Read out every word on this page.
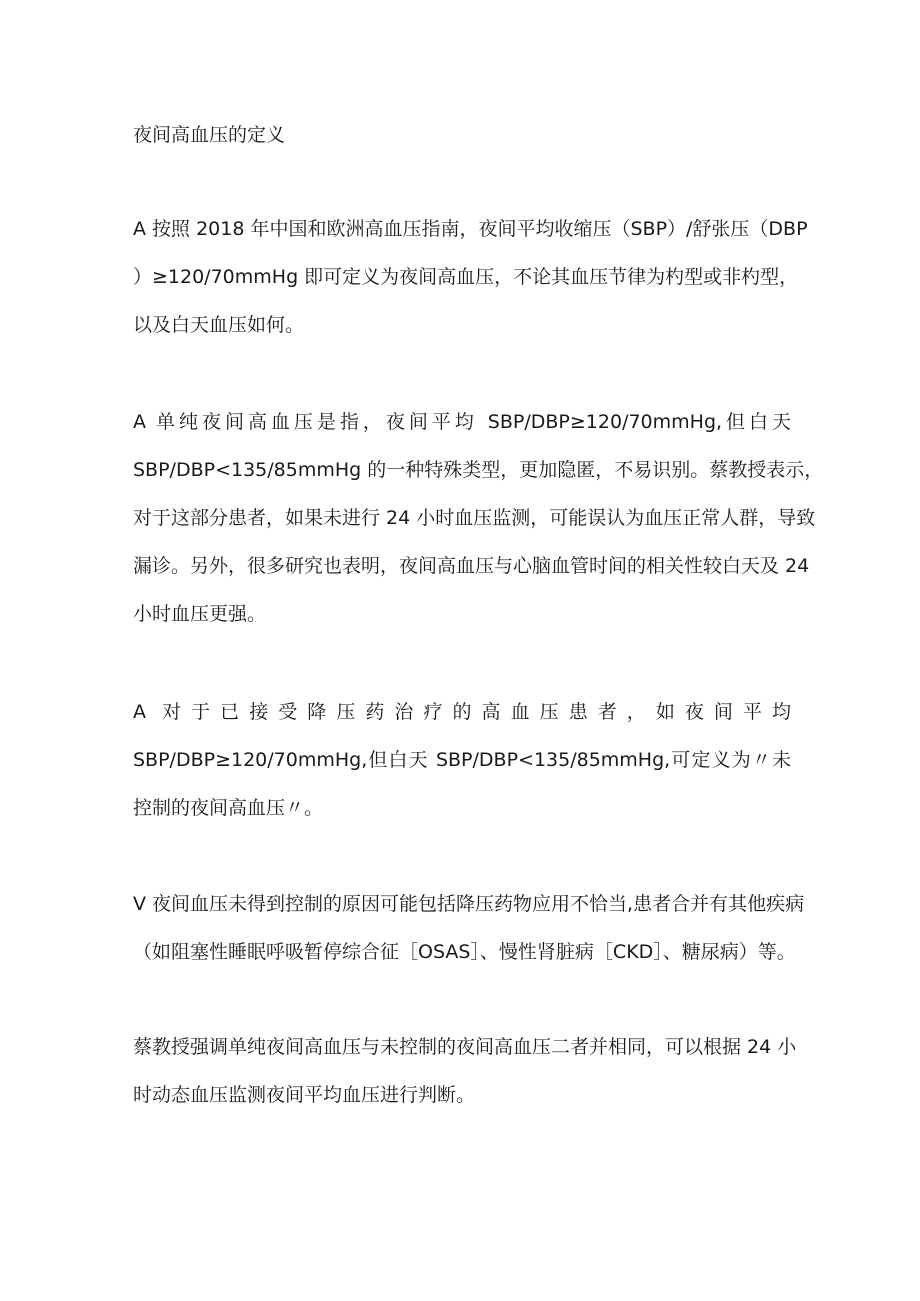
夜间高血压的定义
A 按照 2018 年中国和欧洲高血压指南，夜间平均收缩压（SBP）/舒张压（DBP
）≥120/70mmHg 即可定义为夜间高血压，不论其血压节律为杓型或非杓型，
以及白天血压如何。
A 单纯夜间高血压是指，夜间平均 SBP/DBP≥120/70mmHg,但白天
SBP/DBP<135/85mmHg 的一种特殊类型，更加隐匿，不易识别。蔡教授表示，
对于这部分患者，如果未进行 24 小时血压监测，可能误认为血压正常人群，导致
漏诊。另外，很多研究也表明，夜间高血压与心脑血管时间的相关性较白天及 24
小时血压更强。
A 对于已接受降压药治疗的高血压患者，如夜间平均
SBP/DBP≥120/70mmHg,但白天 SBP/DBP<135/85mmHg,可定义为〃未
控制的夜间高血压〃。
V 夜间血压未得到控制的原因可能包括降压药物应用不恰当,患者合并有其他疾病
（如阻塞性睡眠呼吸暂停综合征［OSAS］、慢性肾脏病［CKD］、糖尿病）等。
蔡教授强调单纯夜间高血压与未控制的夜间高血压二者并相同，可以根据 24 小
时动态血压监测夜间平均血压进行判断。
